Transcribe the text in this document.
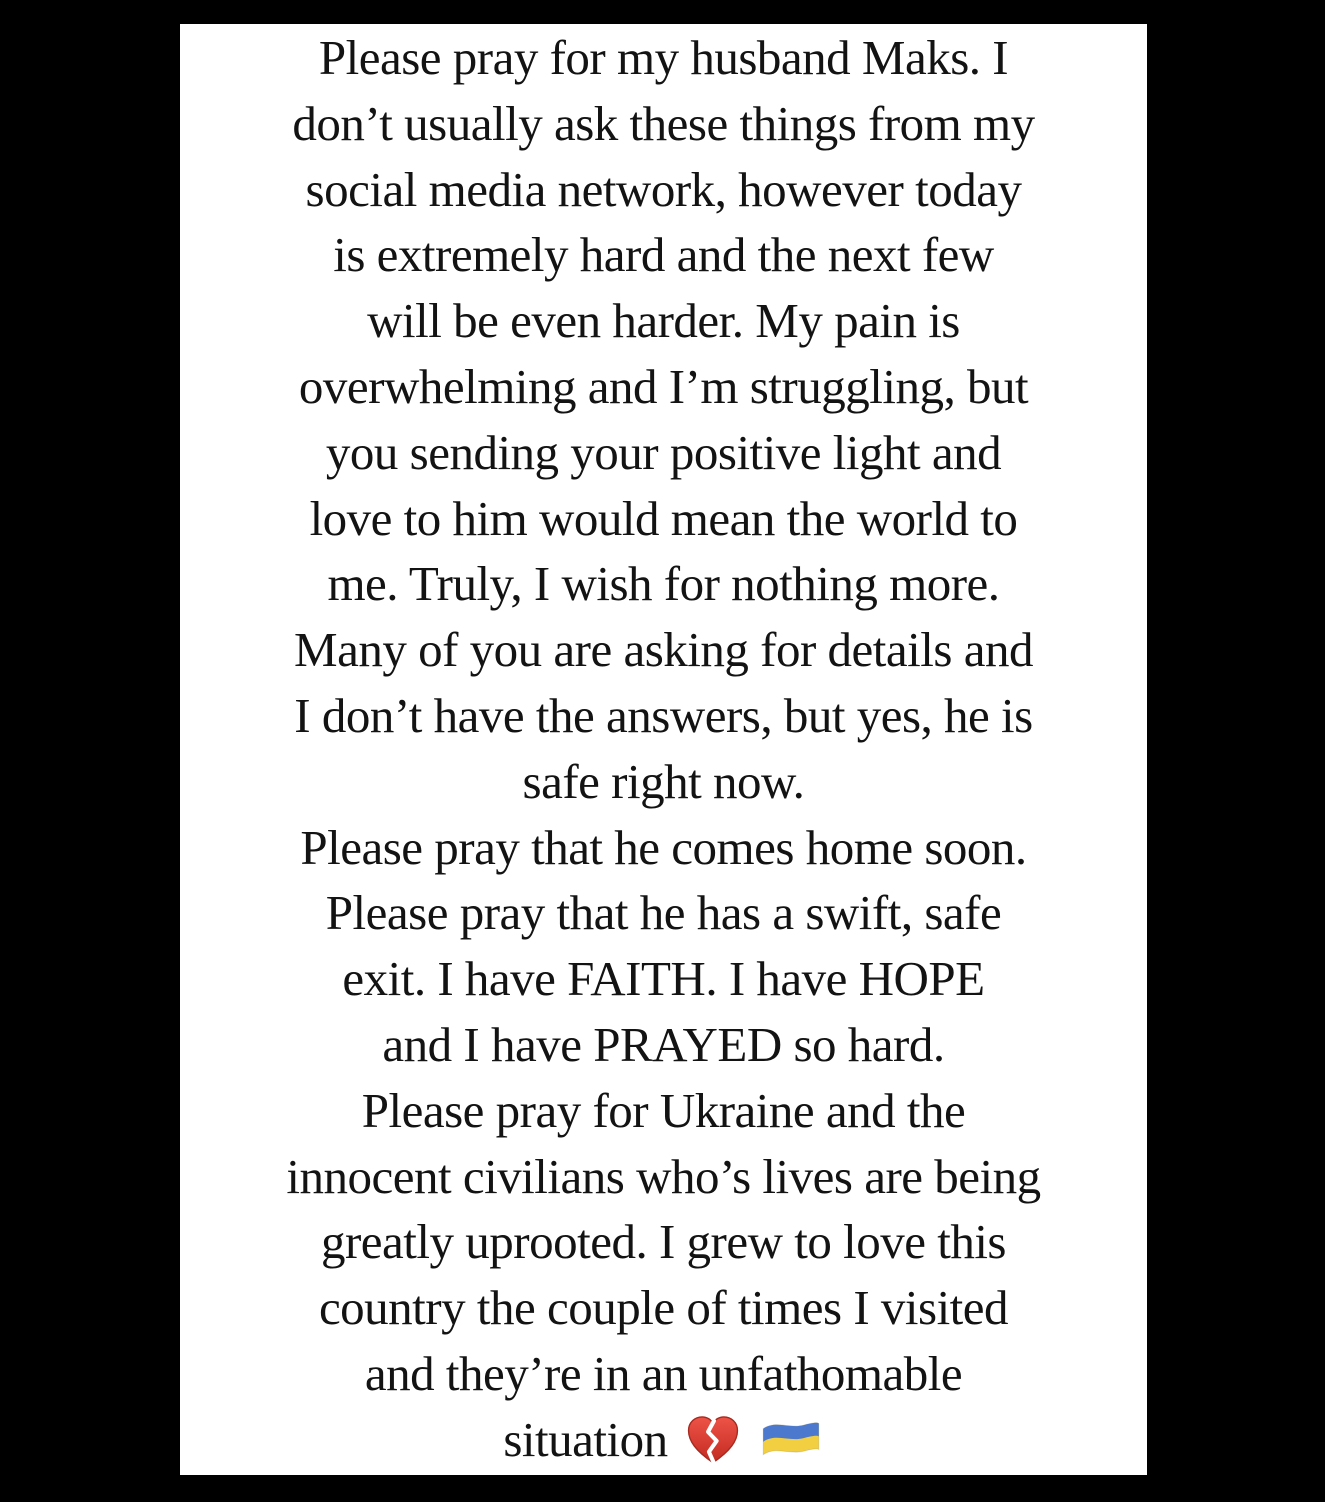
Please pray for my husband Maks. I
don’t usually ask these things from my
social media network, however today
is extremely hard and the next few
will be even harder. My pain is
overwhelming and I’m struggling, but
you sending your positive light and
love to him would mean the world to
me. Truly, I wish for nothing more.
Many of you are asking for details and
I don’t have the answers, but yes, he is
safe right now.
Please pray that he comes home soon.
Please pray that he has a swift, safe
exit. I have FAITH. I have HOPE
and I have PRAYED so hard.
Please pray for Ukraine and the
innocent civilians who’s lives are being
greatly uprooted. I grew to love this
country the couple of times I visited
and they’re in an unfathomable
situation
